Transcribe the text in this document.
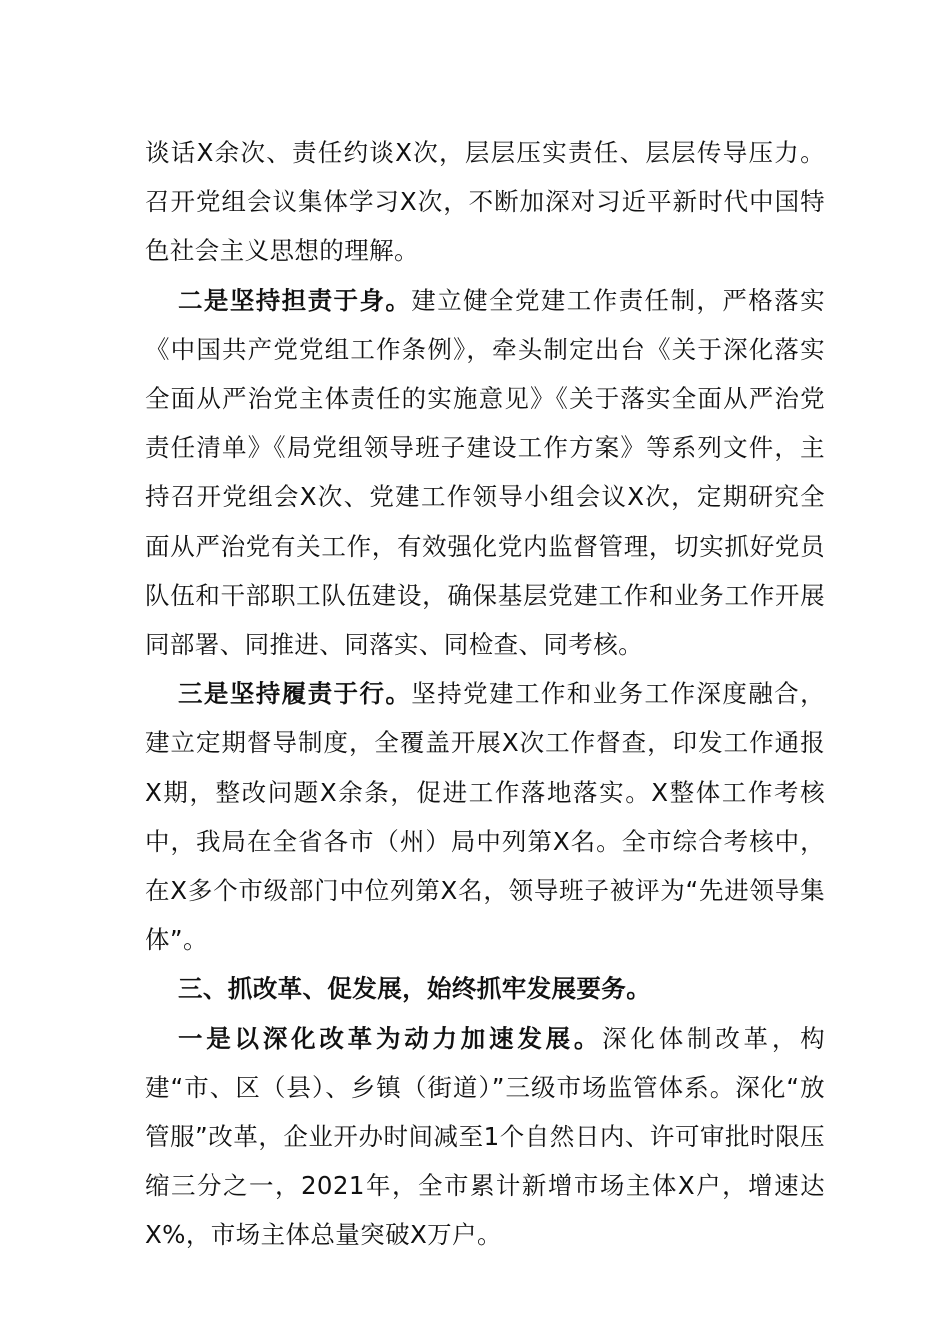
谈话X余次、责任约谈X次，层层压实责任、层层传导压力。召开党组会议集体学习X次，不断加深对习近平新时代中国特色社会主义思想的理解。

二是坚持担责于身。建立健全党建工作责任制，严格落实《中国共产党党组工作条例》，牵头制定出台《关于深化落实全面从严治党主体责任的实施意见》《关于落实全面从严治党责任清单》《局党组领导班子建设工作方案》等系列文件，主持召开党组会X次、党建工作领导小组会议X次，定期研究全面从严治党有关工作，有效强化党内监督管理，切实抓好党员队伍和干部职工队伍建设，确保基层党建工作和业务工作开展同部署、同推进、同落实、同检查、同考核。

三是坚持履责于行。坚持党建工作和业务工作深度融合，建立定期督导制度，全覆盖开展X次工作督查，印发工作通报X期，整改问题X余条，促进工作落地落实。X整体工作考核中，我局在全省各市（州）局中列第X名。全市综合考核中，在X多个市级部门中位列第X名，领导班子被评为“先进领导集体”。

三、抓改革、促发展，始终抓牢发展要务。

一是以深化改革为动力加速发展。深化体制改革，构建“市、区（县）、乡镇（街道）”三级市场监管体系。深化“放管服”改革，企业开办时间减至1个自然日内、许可审批时限压缩三分之一，2021年，全市累计新增市场主体X户，增速达X%，市场主体总量突破X万户。
